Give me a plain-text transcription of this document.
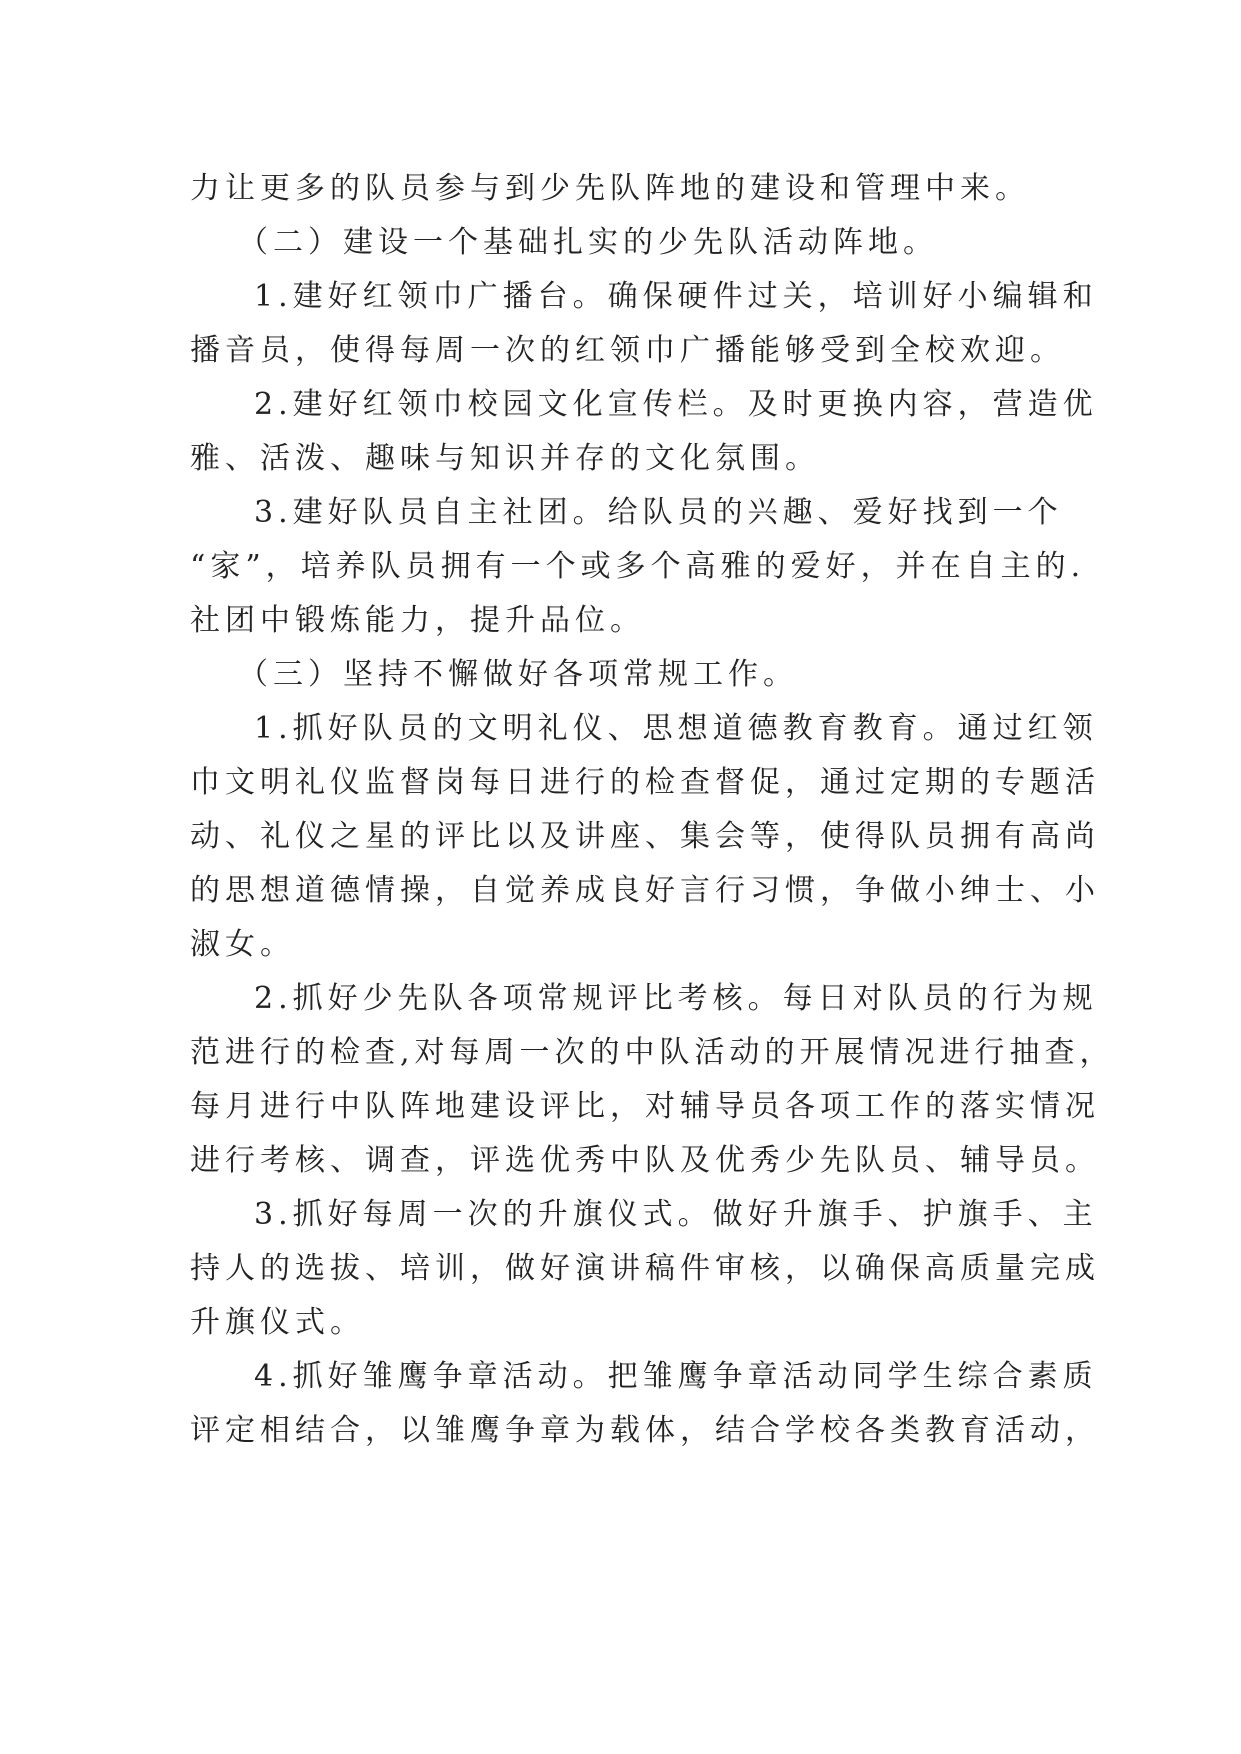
力让更多的队员参与到少先队阵地的建设和管理中来。

（二）建设一个基础扎实的少先队活动阵地。

1.建好红领巾广播台。确保硬件过关，培训好小编辑和
播音员，使得每周一次的红领巾广播能够受到全校欢迎。

2.建好红领巾校园文化宣传栏。及时更换内容，营造优
雅、活泼、趣味与知识并存的文化氛围。

3.建好队员自主社团。给队员的兴趣、爱好找到一个
“家”，培养队员拥有一个或多个高雅的爱好，并在自主的.
社团中锻炼能力，提升品位。

（三）坚持不懈做好各项常规工作。

1.抓好队员的文明礼仪、思想道德教育教育。通过红领
巾文明礼仪监督岗每日进行的检查督促，通过定期的专题活
动、礼仪之星的评比以及讲座、集会等，使得队员拥有高尚
的思想道德情操，自觉养成良好言行习惯，争做小绅士、小
淑女。

2.抓好少先队各项常规评比考核。每日对队员的行为规
范进行的检查,对每周一次的中队活动的开展情况进行抽查，
每月进行中队阵地建设评比，对辅导员各项工作的落实情况
进行考核、调查，评选优秀中队及优秀少先队员、辅导员。

3.抓好每周一次的升旗仪式。做好升旗手、护旗手、主
持人的选拔、培训，做好演讲稿件审核，以确保高质量完成
升旗仪式。

4.抓好雏鹰争章活动。把雏鹰争章活动同学生综合素质
评定相结合，以雏鹰争章为载体，结合学校各类教育活动，
